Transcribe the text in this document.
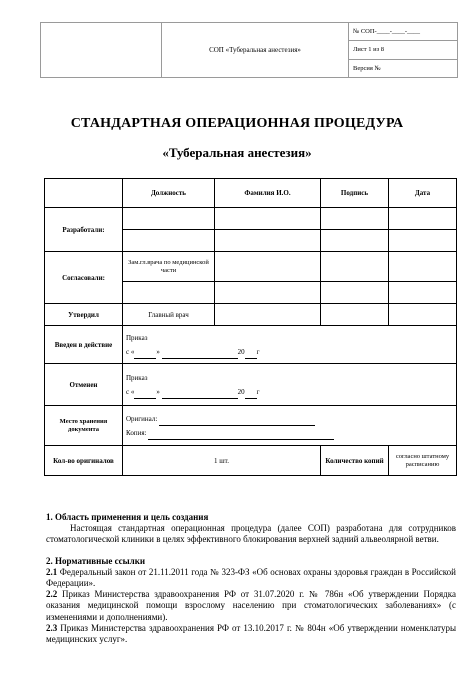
	СОП «Туберальная анестезия»	№ СОП-____-____-____
Лист 1 из 8
Версия №
СТАНДАРТНАЯ ОПЕРАЦИОННАЯ ПРОЦЕДУРА
«Туберальная анестезия»
	Должность	Фамилия И.О.	Подпись	Дата
Разработали:				

Согласовали:	Зам.гл.врача по медицинской части			

Утвердил	Главный врач			
Введен в действие	Приказ
с « » 20 г			

Отменен	Приказ
с « » 20 г			

Место хранения документа	Оригинал:
Копия:			

Кол-во оригиналов	1 шт.		Количество копий	согласно штатному расписанию

1. Область применения и цель создания

Настоящая стандартная операционная процедура (далее СОП) разработана для сотрудников стоматологической клиники в целях эффективного блокирования верхней задний альвеолярной ветви.

2. Нормативные ссылки

2.1 Федеральный закон от 21.11.2011 года № 323-ФЗ «Об основах охраны здоровья граждан в Российской Федерации».

2.2 Приказ Министерства здравоохранения РФ от 31.07.2020 г. № 786н «Об утверждении Порядка оказания медицинской помощи взрослому населению при стоматологических заболеваниях» (с изменениями и дополнениями).

2.3 Приказ Министерства здравоохранения РФ от 13.10.2017 г. № 804н «Об утверждении номенклатуры медицинских услуг».
